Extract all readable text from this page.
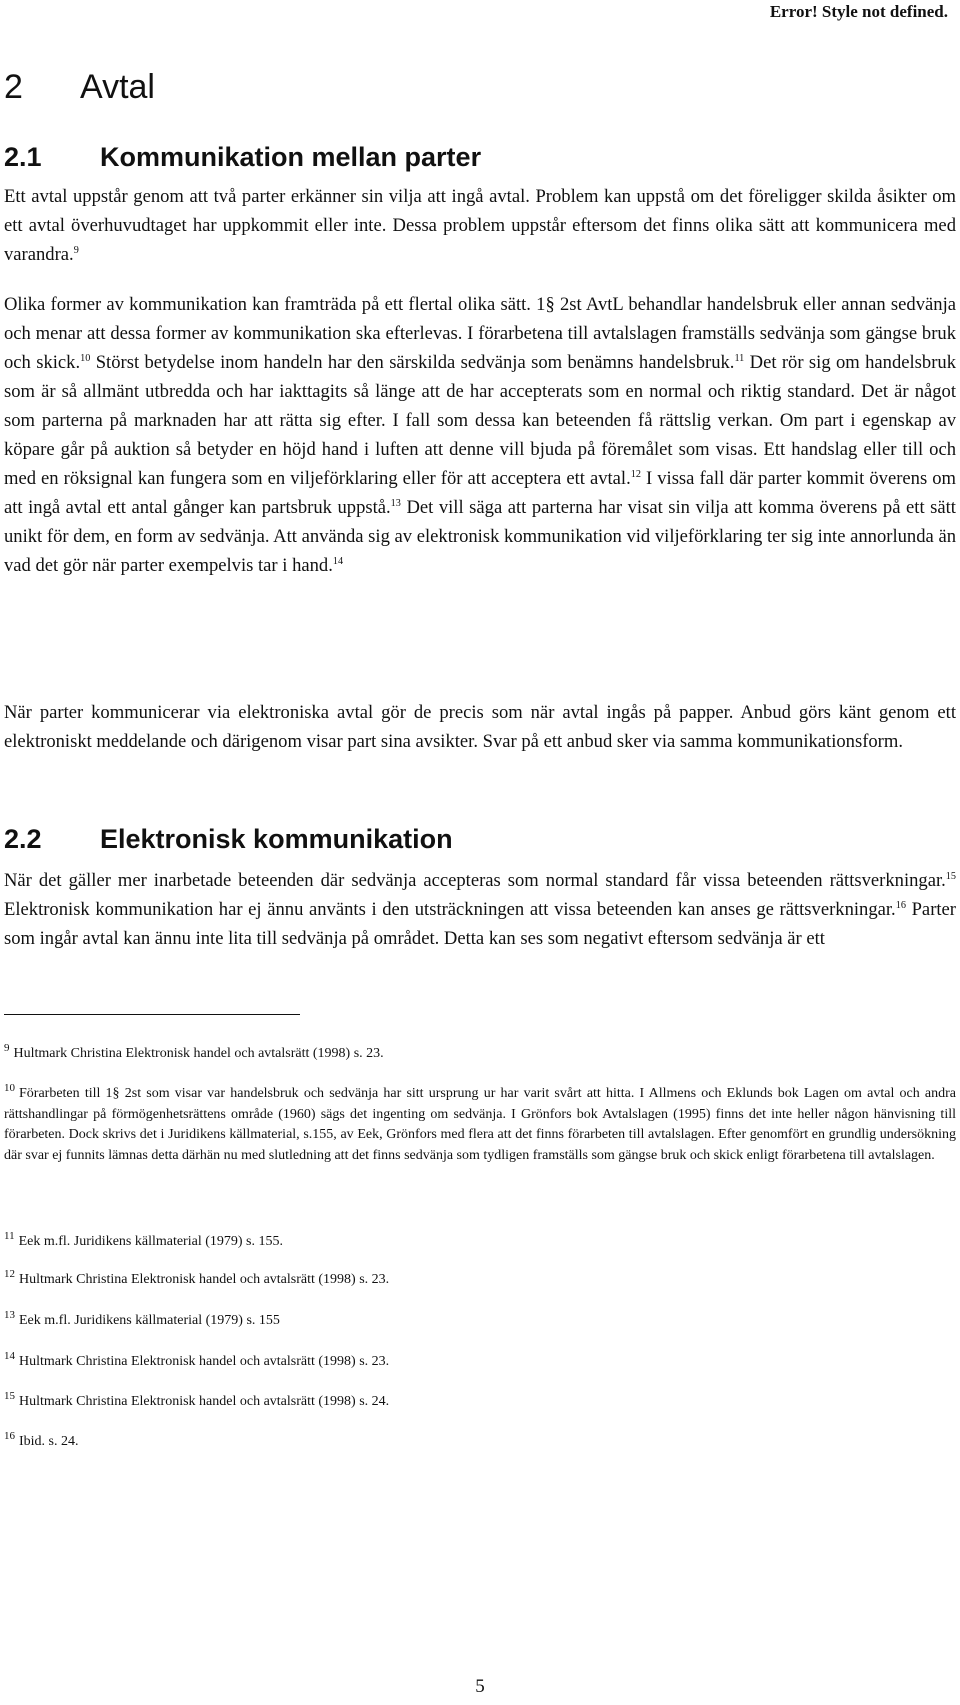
Error! Style not defined.
2 Avtal
2.1 Kommunikation mellan parter

Ett avtal uppstår genom att två parter erkänner sin vilja att ingå avtal. Problem kan uppstå om det föreligger skilda åsikter om ett avtal överhuvudtaget har uppkommit eller inte. Dessa problem uppstår eftersom det finns olika sätt att kommunicera med varandra.$^9$

Olika former av kommunikation kan framträda på ett flertal olika sätt. 1§ 2st AvtL behandlar handelsbruk eller annan sedvänja och menar att dessa former av kommunikation ska efterlevas. I förarbetena till avtalslagen framställs sedvänja som gängse bruk och skick.$^{10}$ Störst betydelse inom handeln har den särskilda sedvänja som benämns handelsbruk.$^{11}$ Det rör sig om handelsbruk som är så allmänt utbredda och har iakttagits så länge att de har accepterats som en normal och riktig standard. Det är något som parterna på marknaden har att rätta sig efter. I fall som dessa kan beteenden få rättslig verkan. Om part i egenskap av köpare går på auktion så betyder en höjd hand i luften att denne vill bjuda på föremålet som visas. Ett handslag eller till och med en röksignal kan fungera som en viljeförklaring eller för att acceptera ett avtal.$^{12}$ I vissa fall där parter kommit överens om att ingå avtal ett antal gånger kan partsbruk uppstå.$^{13}$ Det vill säga att parterna har visat sin vilja att komma överens på ett sätt unikt för dem, en form av sedvänja. Att använda sig av elektronisk kommunikation vid viljeförklaring ter sig inte annorlunda än vad det gör när parter exempelvis tar i hand.$^{14}$

När parter kommunicerar via elektroniska avtal gör de precis som när avtal ingås på papper. Anbud görs känt genom ett elektroniskt meddelande och därigenom visar part sina avsikter. Svar på ett anbud sker via samma kommunikationsform.

2.2 Elektronisk kommunikation

När det gäller mer inarbetade beteenden där sedvänja accepteras som normal standard får vissa beteenden rättsverkningar.$^{15}$ Elektronisk kommunikation har ej ännu använts i den utsträckningen att vissa beteenden kan anses ge rättsverkningar.$^{16}$ Parter som ingår avtal kan ännu inte lita till sedvänja på området. Detta kan ses som negativt eftersom sedvänja är ett

$^9$ Hultmark Christina Elektronisk handel och avtalsrätt (1998) s. 23.

$^{10}$ Förarbeten till 1§ 2st som visar var handelsbruk och sedvänja har sitt ursprung ur har varit svårt att hitta. I Allmens och Eklunds bok Lagen om avtal och andra rättshandlingar på förmögenhetsrättens område (1960) sägs det ingenting om sedvänja. I Grönfors bok Avtalslagen (1995) finns det inte heller någon hänvisning till förarbeten. Dock skrivs det i Juridikens källmaterial, s.155, av Eek, Grönfors med flera att det finns förarbeten till avtalslagen. Efter genomfört en grundlig undersökning där svar ej funnits lämnas detta därhän nu med slutledning att det finns sedvänja som tydligen framställs som gängse bruk och skick enligt förarbetena till avtalslagen.

$^{11}$ Eek m.fl. Juridikens källmaterial (1979) s. 155.

$^{12}$ Hultmark Christina Elektronisk handel och avtalsrätt (1998) s. 23.

$^{13}$ Eek m.fl. Juridikens källmaterial (1979) s. 155

$^{14}$ Hultmark Christina Elektronisk handel och avtalsrätt (1998) s. 23.

$^{15}$ Hultmark Christina Elektronisk handel och avtalsrätt (1998) s. 24.

$^{16}$ Ibid. s. 24.

5
